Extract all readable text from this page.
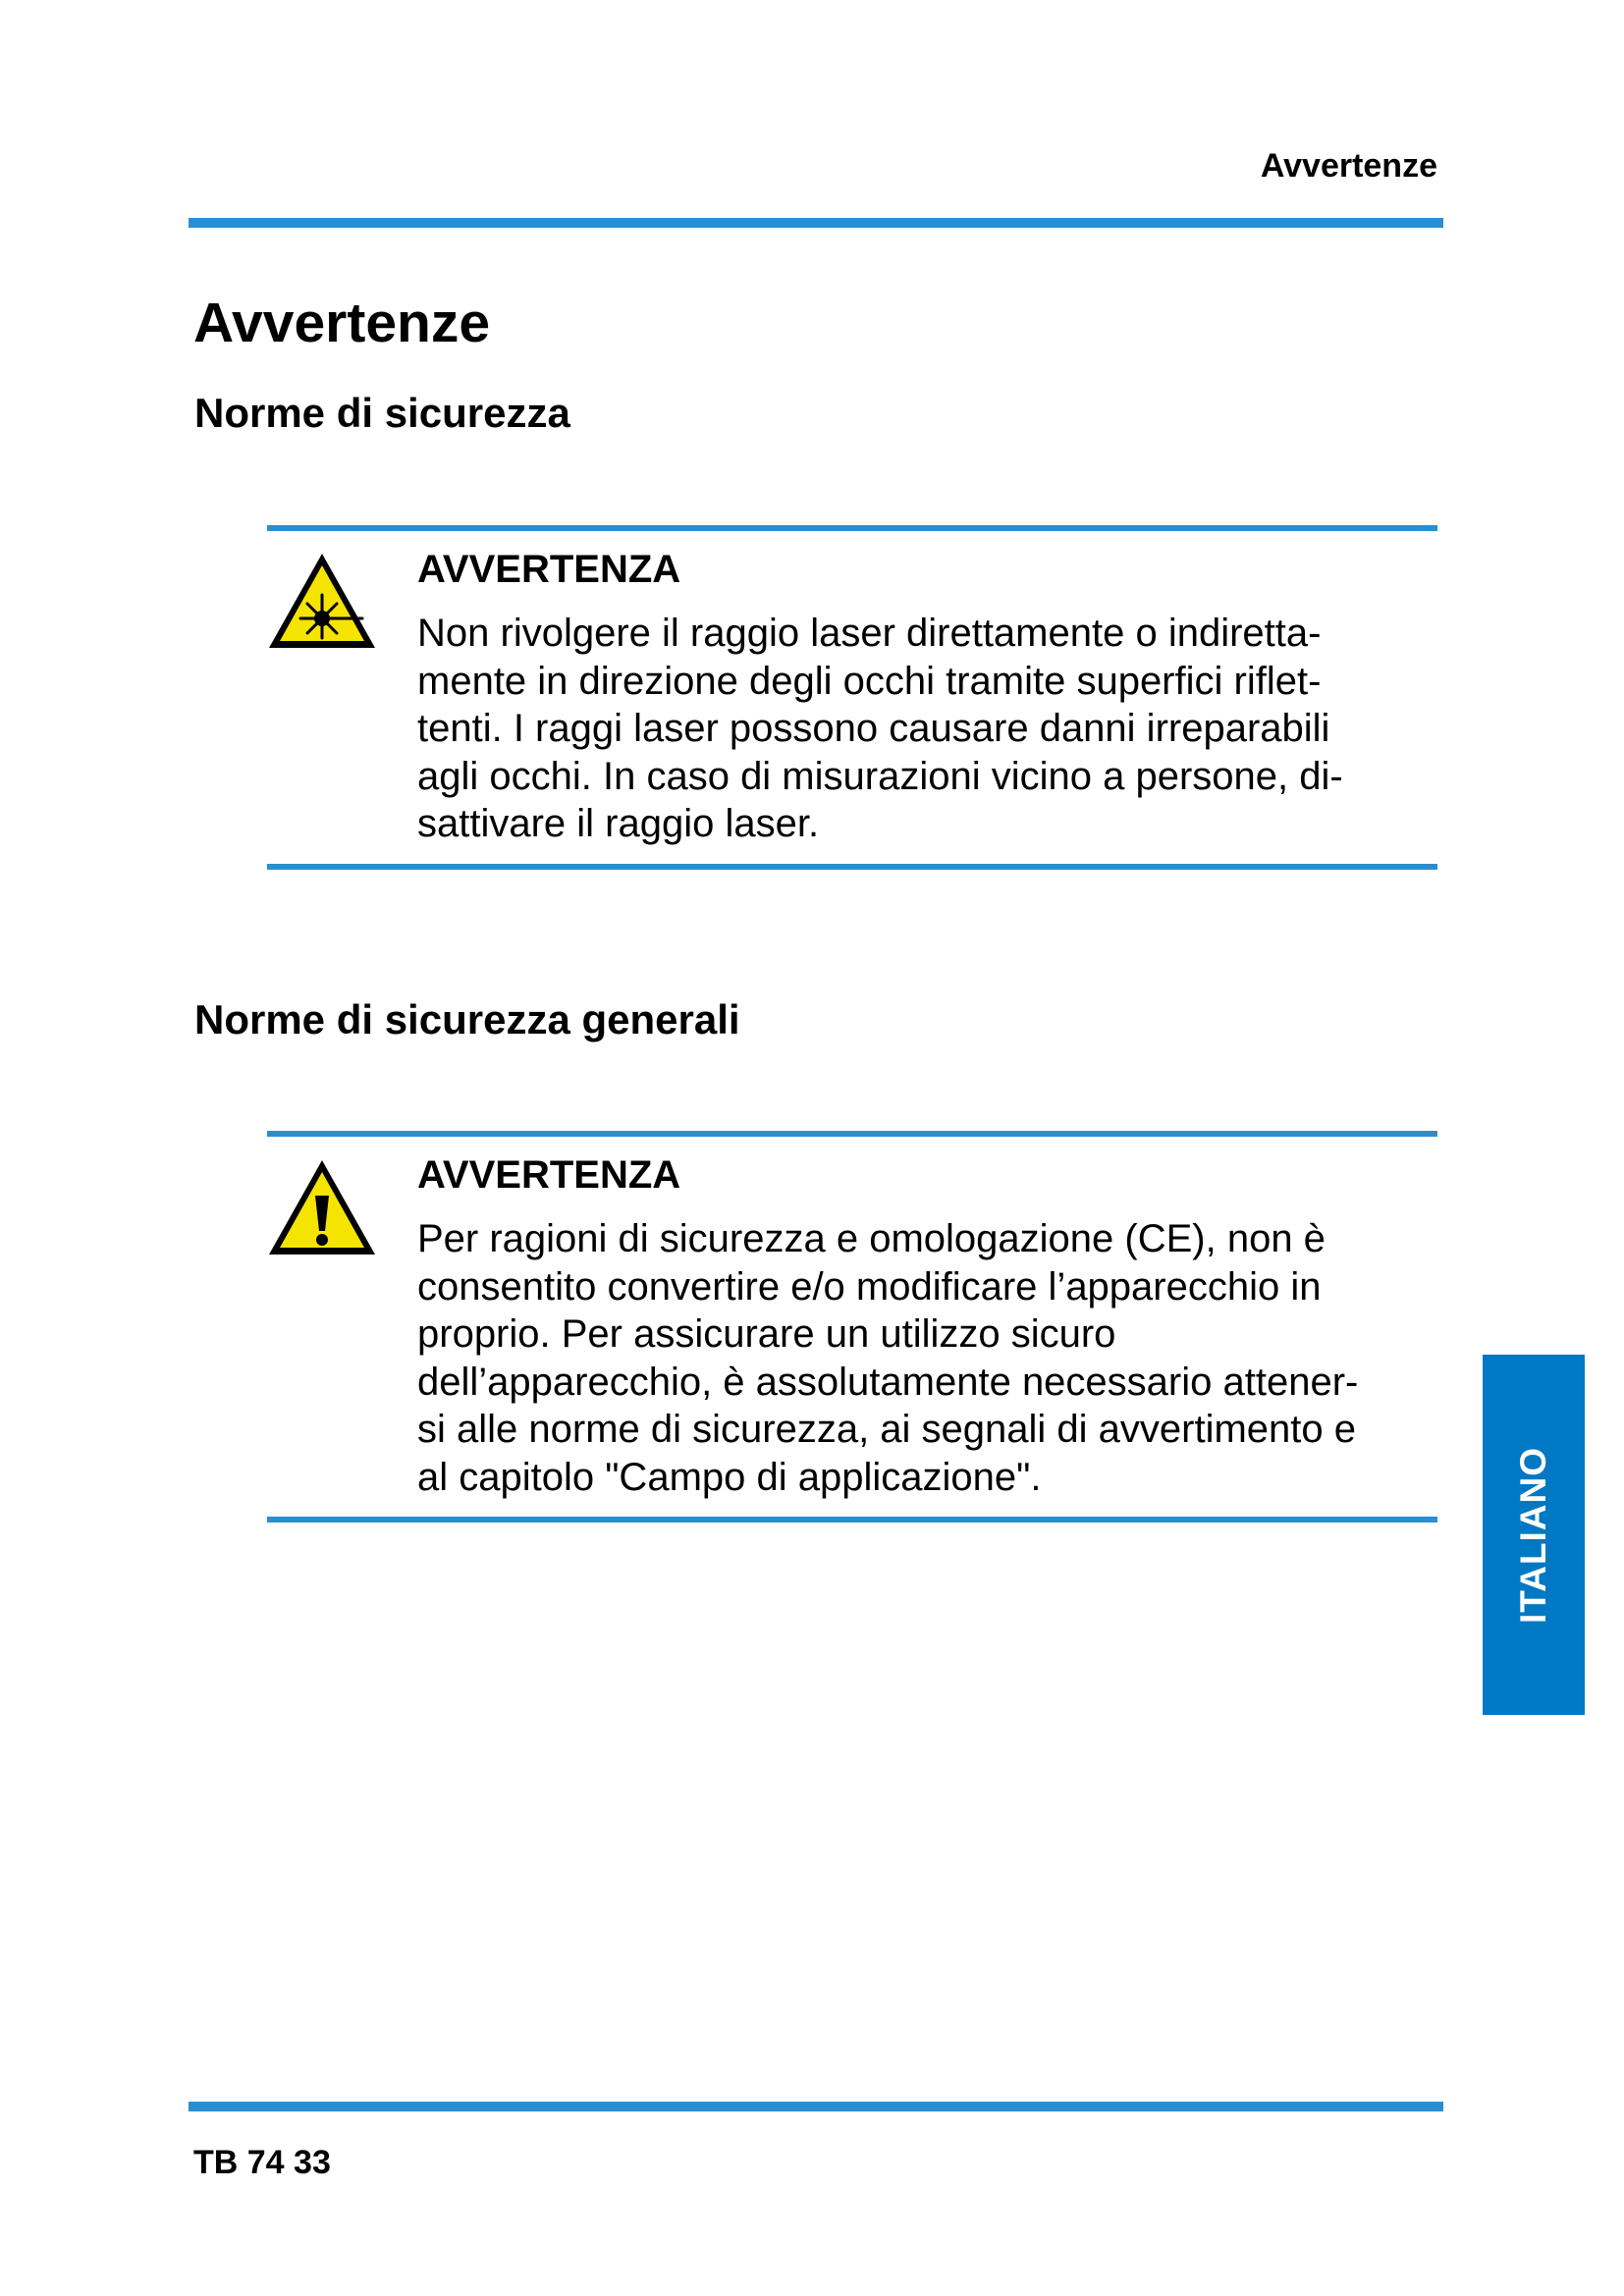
Avvertenze
Avvertenze
Norme di sicurezza
AVVERTENZA
Non rivolgere il raggio laser direttamente o indiretta-
mente in direzione degli occhi tramite superfici riflet-
tenti. I raggi laser possono causare danni irreparabili
agli occhi. In caso di misurazioni vicino a persone, di-
sattivare il raggio laser.
Norme di sicurezza generali
AVVERTENZA
Per ragioni di sicurezza e omologazione (CE), non è
consentito convertire e/o modificare l’apparecchio in
proprio. Per assicurare un utilizzo sicuro
dell’apparecchio, è assolutamente necessario attener-
si alle norme di sicurezza, ai segnali di avvertimento e
al capitolo "Campo di applicazione".	ITALIANO
TB 74 33
